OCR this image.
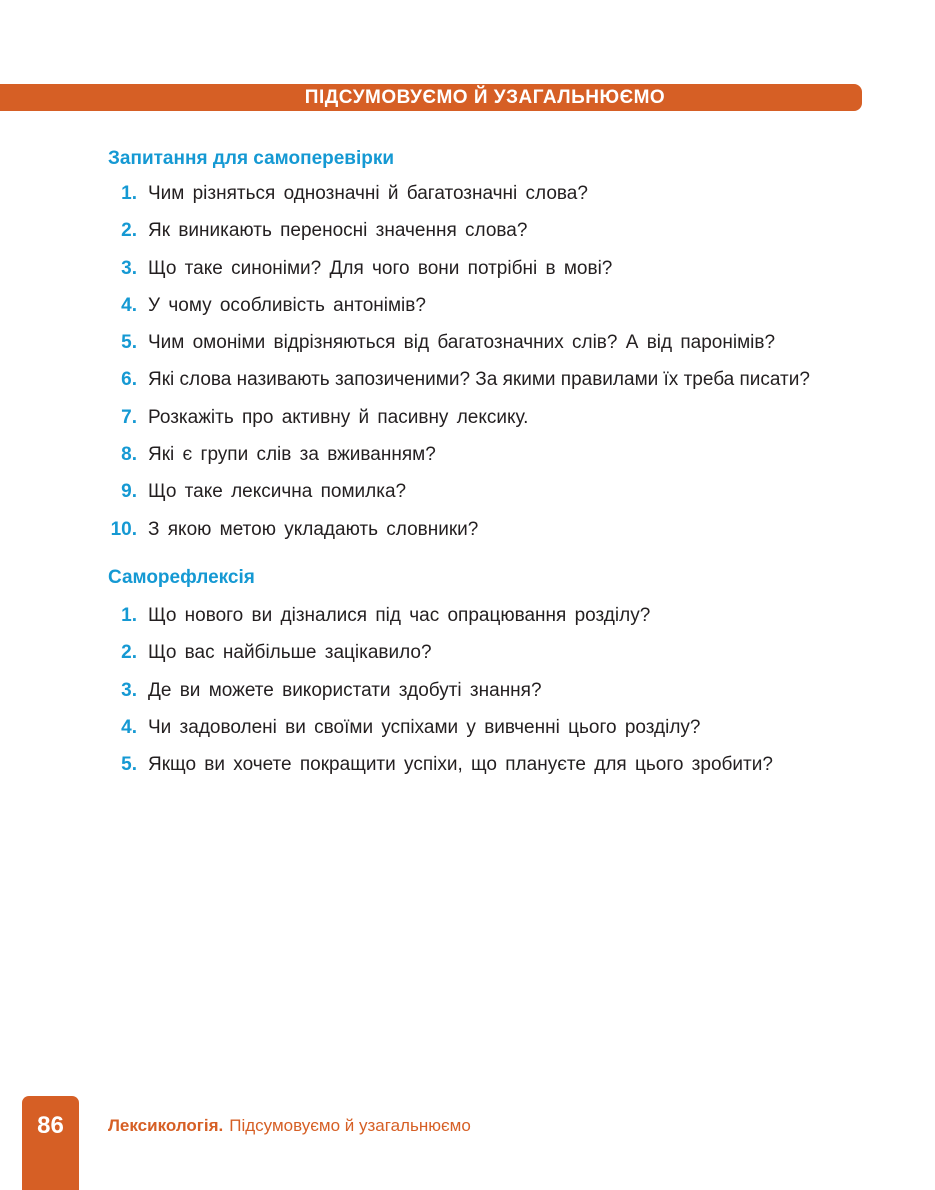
ПІДСУМОВУЄМО Й УЗАГАЛЬНЮЄМО
Запитання для самоперевірки
1. Чим різняться однозначні й багатозначні слова?
2. Як виникають переносні значення слова?
3. Що таке синоніми? Для чого вони потрібні в мові?
4. У чому особливість антонімів?
5. Чим омоніми відрізняються від багатозначних слів? А від паронімів?
6. Які слова називають запозиченими? За якими правилами їх треба писати?
7. Розкажіть про активну й пасивну лексику.
8. Які є групи слів за вживанням?
9. Що таке лексична помилка?
10. З якою метою укладають словники?
Саморефлексія
1. Що нового ви дізналися під час опрацювання розділу?
2. Що вас найбільше зацікавило?
3. Де ви можете використати здобуті знання?
4. Чи задоволені ви своїми успіхами у вивченні цього розділу?
5. Якщо ви хочете покращити успіхи, що плануєте для цього зробити?
86	Лексикологія. Підсумовуємо й узагальнюємо
